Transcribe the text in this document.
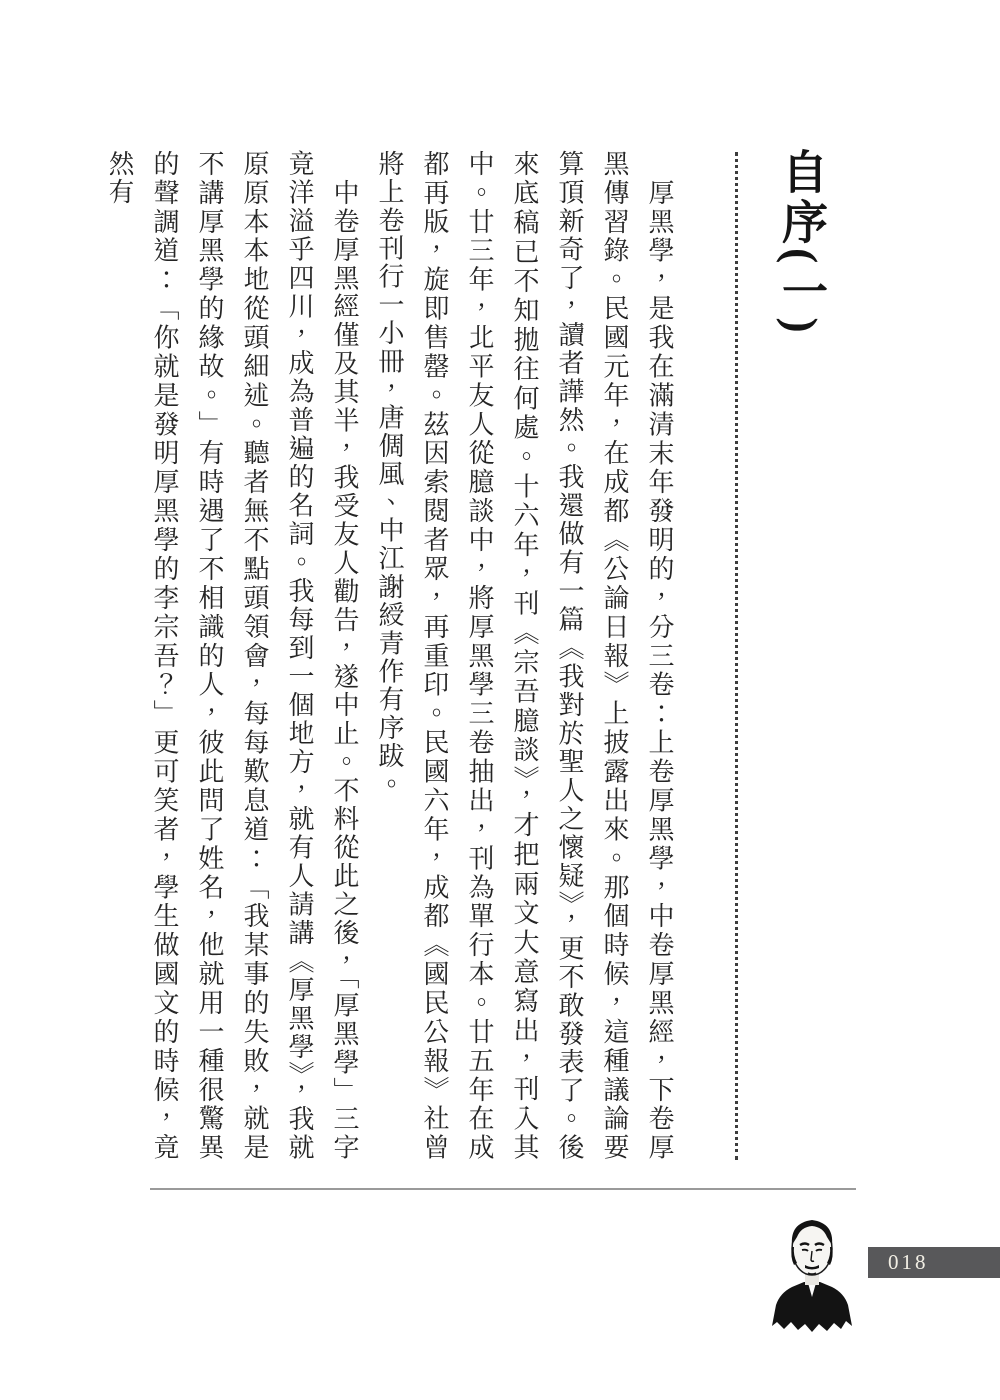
自序(一)

厚黑學，是我在滿清末年發明的，分三卷：上卷厚黑學，中卷厚黑經，下卷厚黑傳習錄。民國元年，在成都《公論日報》上披露出來。那個時候，這種議論要算頂新奇了，讀者譁然。我還做有一篇《我對於聖人之懷疑》，更不敢發表了。後來底稿已不知拋往何處。十六年，刊《宗吾臆談》，才把兩文大意寫出，刊入其中。廿三年，北平友人從臆談中，將厚黑學三卷抽出，刊為單行本。廿五年在成都再版，旋即售罄。茲因索閱者眾，再重印。民國六年，成都《國民公報》社曾將上卷刊行一小冊，唐倜風、中江謝綬青作有序跋。

中卷厚黑經僅及其半，我受友人勸告，遂中止。不料從此之後，「厚黑學」三字竟洋溢乎四川，成為普遍的名詞。我每到一個地方，就有人請講《厚黑學》，我就原原本本地從頭細述。聽者無不點頭領會，每每歎息道：「我某事的失敗，就是不講厚黑學的緣故。」有時遇了不相識的人，彼此問了姓名，他就用一種很驚異的聲調道：「你就是發明厚黑學的李宗吾？」更可笑者，學生做國文的時候，竟然有

018
